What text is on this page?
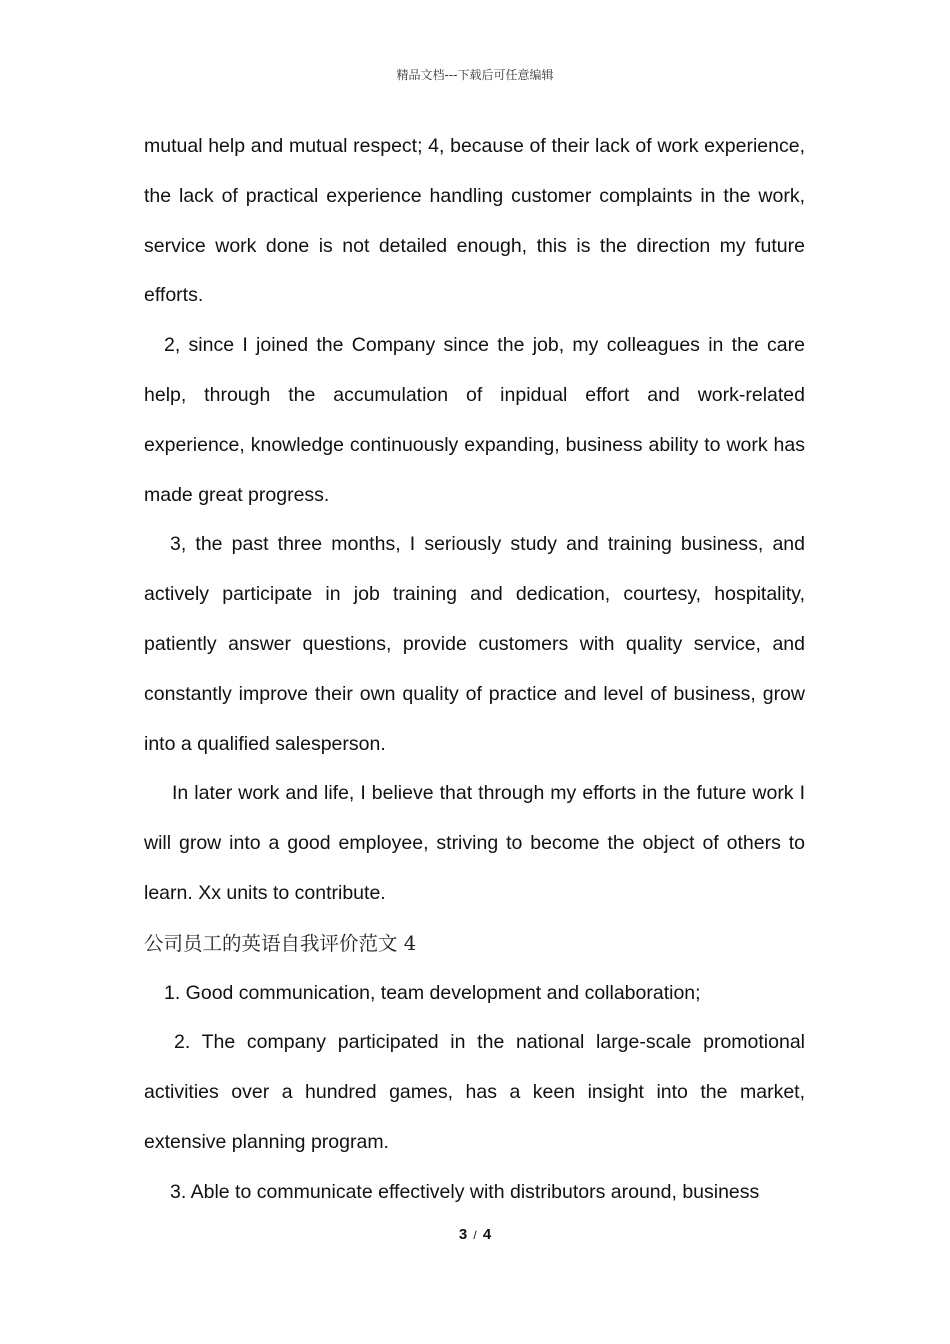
精品文档---下载后可任意编辑

mutual help and mutual respect; 4, because of their lack of work experience, the lack of practical experience handling customer complaints in the work, service work done is not detailed enough, this is the direction my future efforts.

2, since I joined the Company since the job, my colleagues in the care help, through the accumulation of inpidual effort and work-related experience, knowledge continuously expanding, business ability to work has made great progress.

3, the past three months, I seriously study and training business, and actively participate in job training and dedication, courtesy, hospitality, patiently answer questions, provide customers with quality service, and constantly improve their own quality of practice and level of business, grow into a qualified salesperson.

In later work and life, I believe that through my efforts in the future work I will grow into a good employee, striving to become the object of others to learn. Xx units to contribute.

公司员工的英语自我评价范文 4

1. Good communication, team development and collaboration;

2. The company participated in the national large-scale promotional activities over a hundred games, has a keen insight into the market, extensive planning program.

3. Able to communicate effectively with distributors around, business

3 / 4
